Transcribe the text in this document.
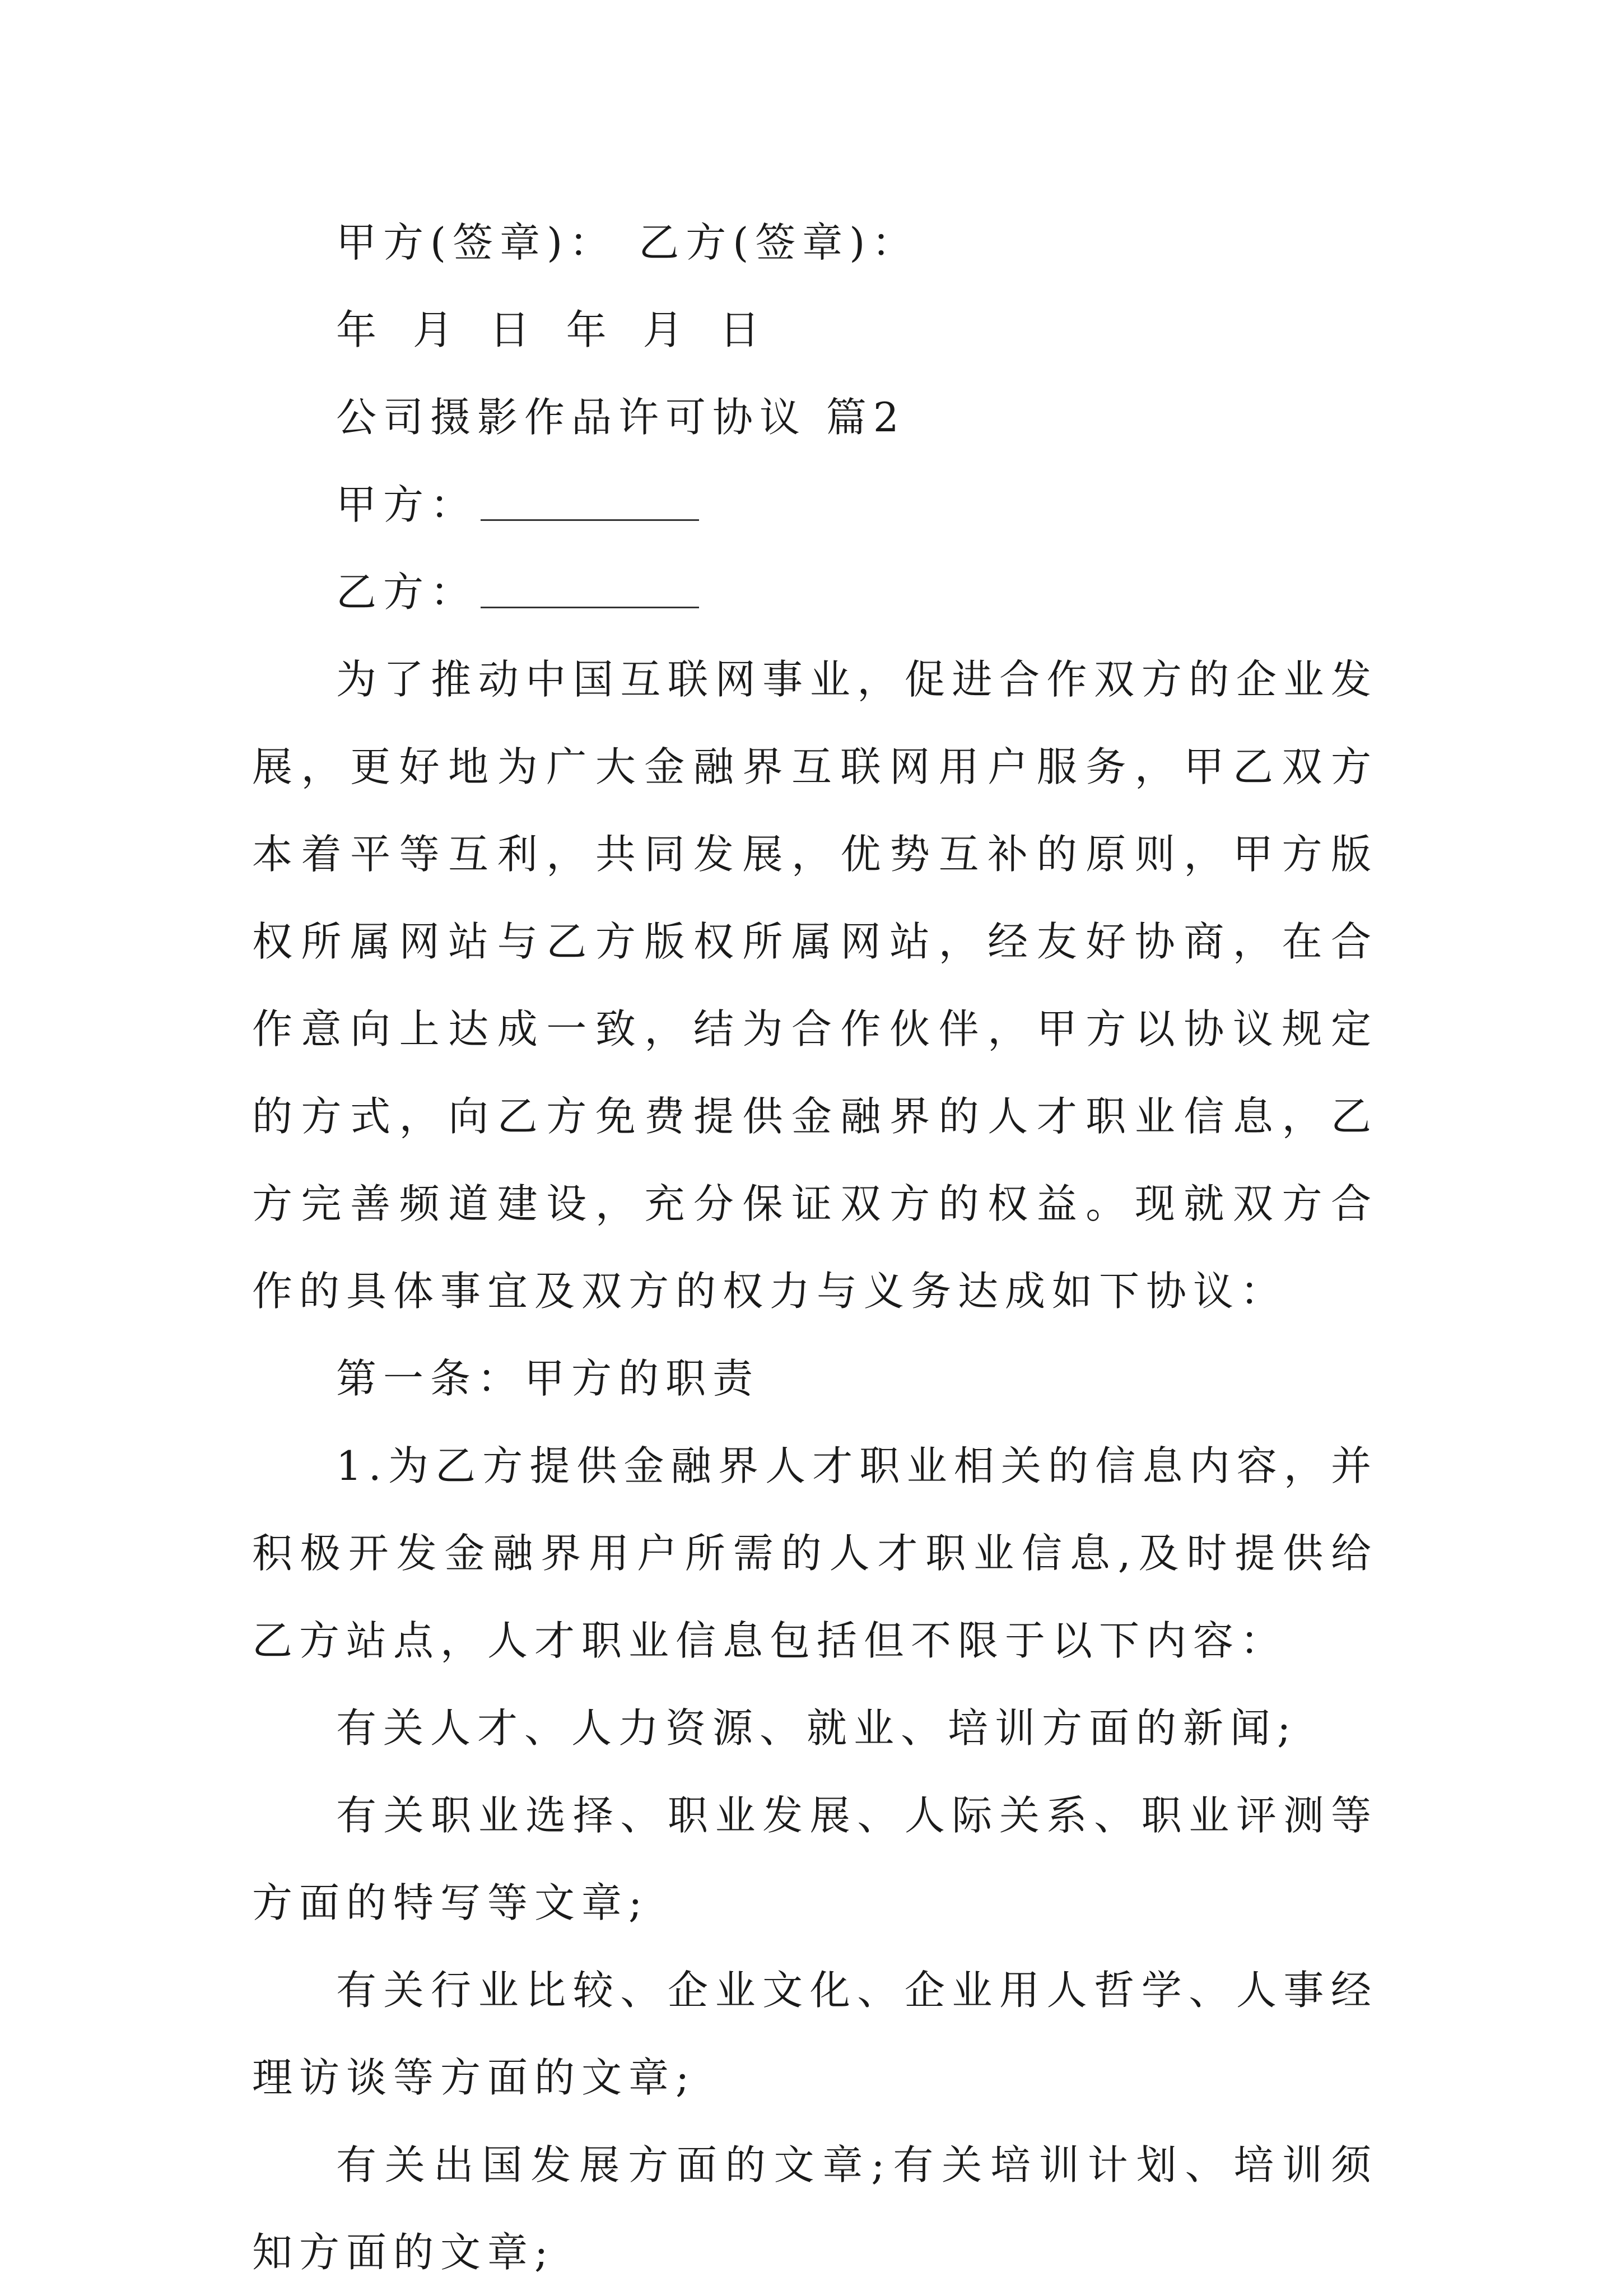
甲方(签章)： 乙方(签章)：

年 月 日 年 月 日

公司摄影作品许可协议 篇2

甲方：

乙方：

为了推动中国互联网事业，促进合作双方的企业发展，更好地为广大金融界互联网用户服务，甲乙双方本着平等互利，共同发展，优势互补的原则，甲方版权所属网站与乙方版权所属网站，经友好协商，在合作意向上达成一致，结为合作伙伴，甲方以协议规定的方式，向乙方免费提供金融界的人才职业信息，乙方完善频道建设，充分保证双方的权益。现就双方合作的具体事宜及双方的权力与义务达成如下协议：

第一条：甲方的职责

1.为乙方提供金融界人才职业相关的信息内容，并积极开发金融界用户所需的人才职业信息,及时提供给乙方站点，人才职业信息包括但不限于以下内容：

有关人才、人力资源、就业、培训方面的新闻;

有关职业选择、职业发展、人际关系、职业评测等方面的特写等文章;

有关行业比较、企业文化、企业用人哲学、人事经理访谈等方面的文章;

有关出国发展方面的文章;有关培训计划、培训须知方面的文章;
